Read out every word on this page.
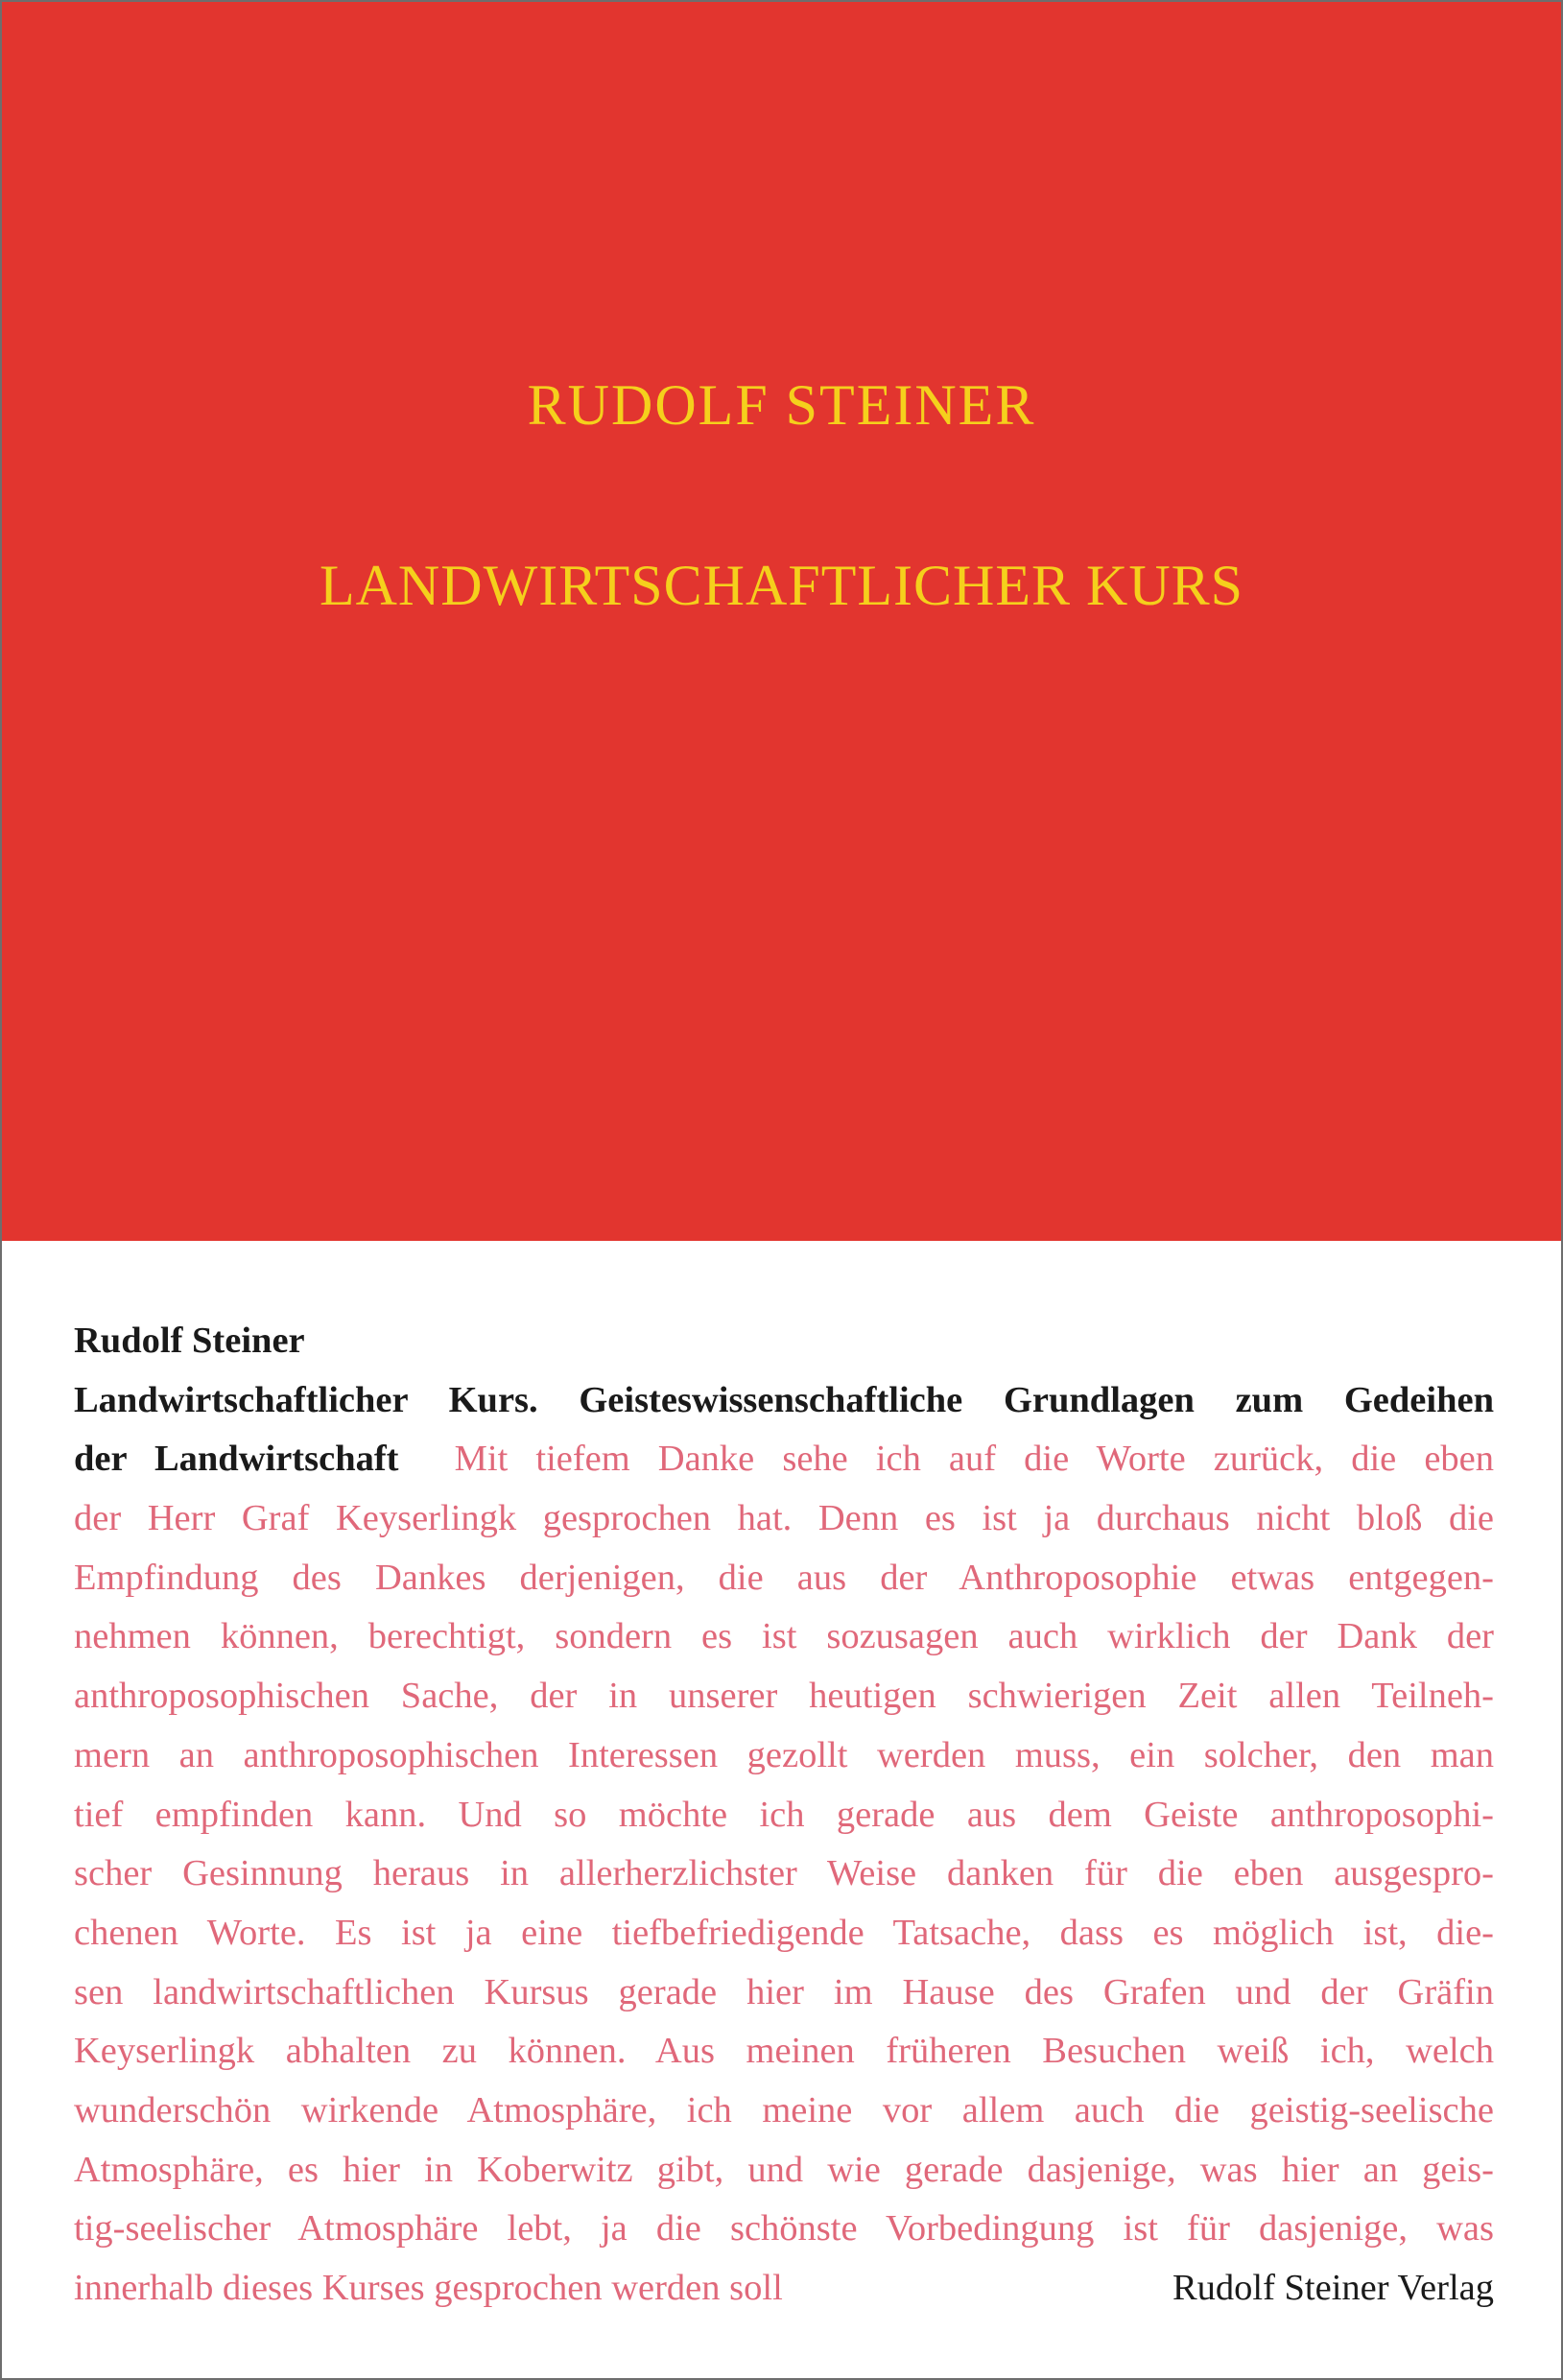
RUDOLF STEINER
LANDWIRTSCHAFTLICHER KURS
Rudolf Steiner
Landwirtschaftlicher Kurs. Geisteswissenschaftliche Grundlagen zum Gedeihen
der Landwirtschaft Mit tiefem Danke sehe ich auf die Worte zurück, die eben
der Herr Graf Keyserlingk gesprochen hat. Denn es ist ja durchaus nicht bloß die
Empfindung des Dankes derjenigen, die aus der Anthroposophie etwas entgegen-
nehmen können, berechtigt, sondern es ist sozusagen auch wirklich der Dank der
anthroposophischen Sache, der in unserer heutigen schwierigen Zeit allen Teilneh-
mern an anthroposophischen Interessen gezollt werden muss, ein solcher, den man
tief empfinden kann. Und so möchte ich gerade aus dem Geiste anthroposophi-
scher Gesinnung heraus in allerherzlichster Weise danken für die eben ausgespro-
chenen Worte. Es ist ja eine tiefbefriedigende Tatsache, dass es möglich ist, die-
sen landwirtschaftlichen Kursus gerade hier im Hause des Grafen und der Gräfin
Keyserlingk abhalten zu können. Aus meinen früheren Besuchen weiß ich, welch
wunderschön wirkende Atmosphäre, ich meine vor allem auch die geistig-seelische
Atmosphäre, es hier in Koberwitz gibt, und wie gerade dasjenige, was hier an geis-
tig-seelischer Atmosphäre lebt, ja die schönste Vorbedingung ist für dasjenige, was
innerhalb dieses Kurses gesprochen werden soll	Rudolf Steiner Verlag
